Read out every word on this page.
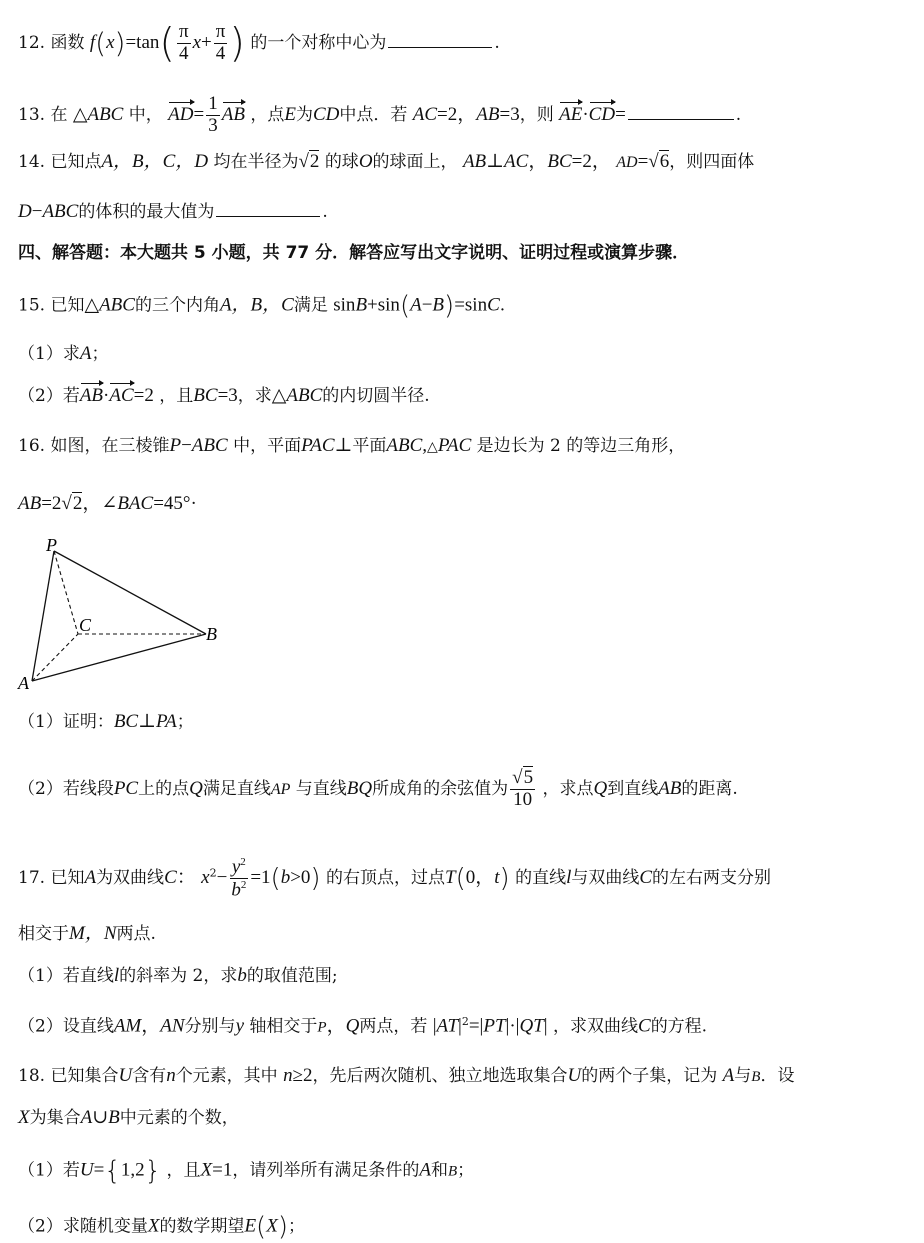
12. 函数 $f(x)=\tan( \frac{\pi}{4} x+ \frac{\pi}{4}$ ) 的一个对称中心为	.
13. 在 △ABC 中， $AD= \frac{1}{3}$ AB ，点E为CD中点．若 AC=2，AB=3，则 AE·CD=	.
14. 已知点A，B，C，D 均在半径为√2 的球O的球面上， AB⊥AC，BC=2， AD=√6，则四面体
D−ABC的体积的最大值为	.
四、解答题：本大题共 5 小题，共 77 分．解答应写出文字说明、证明过程或演算步骤．
15. 已知△ABC的三个内角A，B，C满足 sinB+sin(A−B)=sinC.
（1）求A；
（2）若AB·AC=2 ，且BC=3，求△ABC的内切圆半径.
16. 如图，在三棱锥P−ABC 中，平面PAC⊥平面ABC,△PAC 是边长为 2 的等边三角形，
AB=2√2，∠BAC=45°·
P
C	B
A
（1）证明：BC⊥PA；
（2）若线段PC上的点Q满足直线AP 与直线BQ所成角的余弦值为 $\frac{√5}{10}$ ，求点Q到直线AB的距离.
17. 已知A为双曲线C： $x^2- \frac{y^2}{b^2} =1(b>0)$ 的右顶点，过点T(0，t) 的直线l与双曲线C的左右两支分别
相交于M，N两点.
（1）若直线l的斜率为 2，求b的取值范围;
（2）设直线AM，AN分别与y 轴相交于P，Q两点，若 $|AT|^2=|PT|\cdot|QT|$ ，求双曲线C的方程.
18. 已知集合U含有n个元素，其中 n≥2，先后两次随机、独立地选取集合U的两个子集，记为 A与B．设
X为集合A∪B中元素的个数，
（1）若U={1,2} ，且X=1，请列举所有满足条件的A和B；
（2）求随机变量X的数学期望E(X)；
